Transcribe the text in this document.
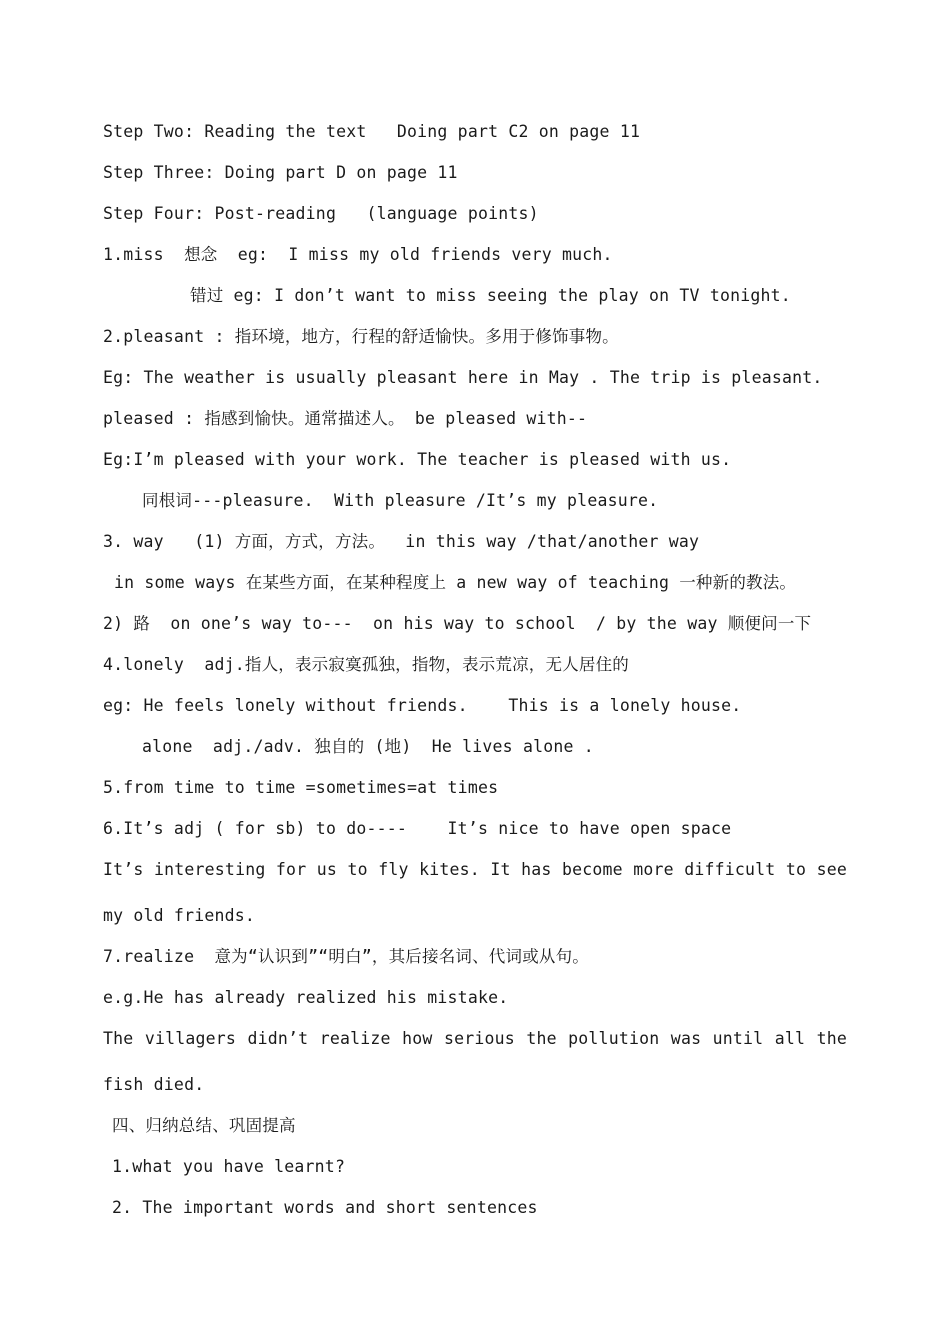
Step Two: Reading the text   Doing part C2 on page 11
Step Three: Doing part D on page 11
Step Four: Post-reading   (language points)
1.miss  想念  eg:  I miss my old friends very much.
错过 eg: I don’t want to miss seeing the play on TV tonight.
2.pleasant : 指环境，地方，行程的舒适愉快。多用于修饰事物。
Eg: The weather is usually pleasant here in May . The trip is pleasant.
pleased : 指感到愉快。通常描述人。 be pleased with--
Eg:I’m pleased with your work. The teacher is pleased with us.
同根词---pleasure.  With pleasure /It’s my pleasure.
3. way   (1) 方面，方式，方法。  in this way /that/another way
in some ways 在某些方面，在某种程度上 a new way of teaching 一种新的教法。
2) 路  on one’s way to---  on his way to school  / by the way 顺便问一下
4.lonely  adj.指人，表示寂寞孤独，指物，表示荒凉，无人居住的
eg: He feels lonely without friends.    This is a lonely house.
alone  adj./adv. 独自的 (地)  He lives alone .
5.from time to time =sometimes=at times
6.It’s adj ( for sb) to do----    It’s nice to have open space
It’s interesting for us to fly kites. It has become more difficult to see
my old friends.
7.realize  意为“认识到”“明白”，其后接名词、代词或从句。
e.g.He has already realized his mistake.
The villagers didn’t realize how serious the pollution was until all the
fish died.
四、归纳总结、巩固提高
1.what you have learnt?
2. The important words and short sentences
